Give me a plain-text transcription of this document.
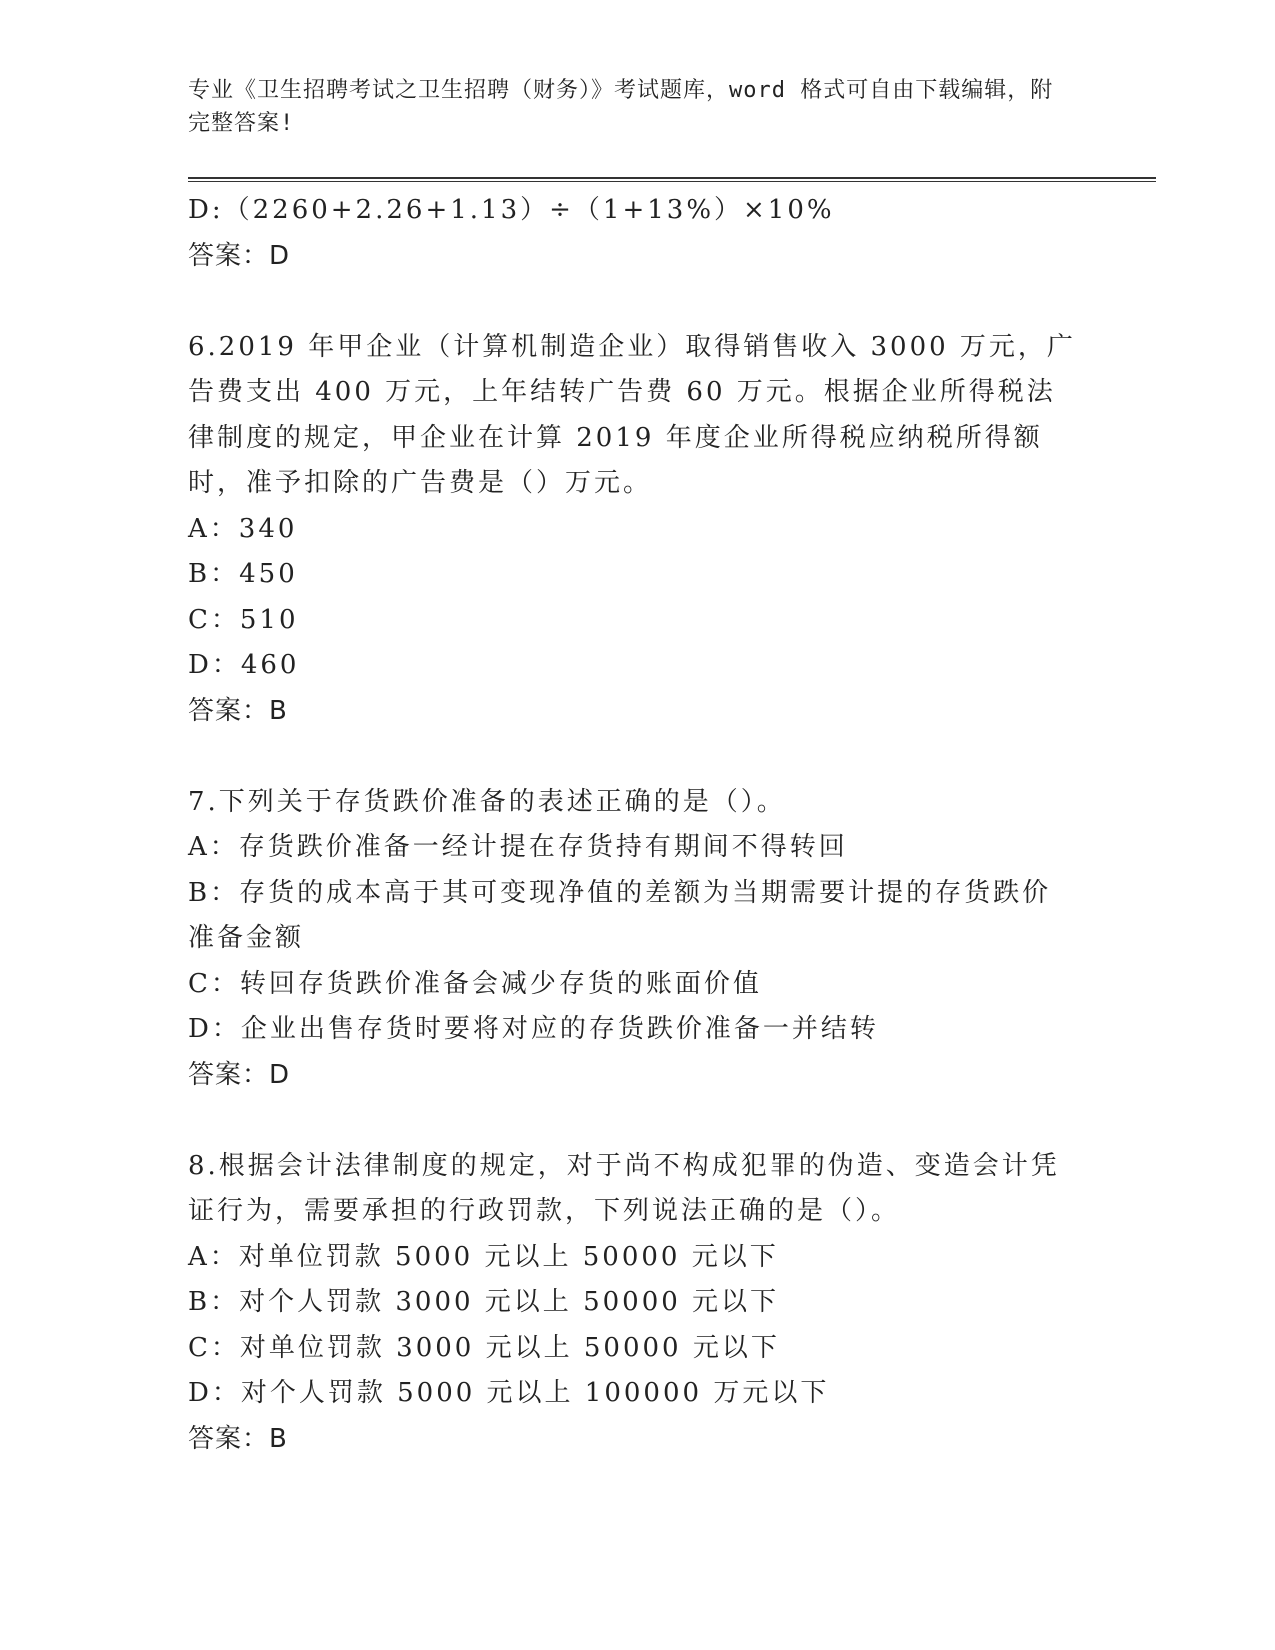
专业《卫生招聘考试之卫生招聘（财务）》考试题库，word 格式可自由下载编辑，附完整答案!

D:（2260+2.26+1.13）÷（1+13%）×10%

答案：D

6.2019 年甲企业（计算机制造企业）取得销售收入 3000 万元，广告费支出 400 万元，上年结转广告费 60 万元。根据企业所得税法律制度的规定，甲企业在计算 2019 年度企业所得税应纳税所得额时，准予扣除的广告费是（）万元。

A：340

B：450

C：510

D：460

答案：B

7.下列关于存货跌价准备的表述正确的是（）。

A：存货跌价准备一经计提在存货持有期间不得转回

B：存货的成本高于其可变现净值的差额为当期需要计提的存货跌价准备金额

C：转回存货跌价准备会减少存货的账面价值

D：企业出售存货时要将对应的存货跌价准备一并结转

答案：D

8.根据会计法律制度的规定，对于尚不构成犯罪的伪造、变造会计凭证行为，需要承担的行政罚款，下列说法正确的是（）。

A：对单位罚款 5000 元以上 50000 元以下

B：对个人罚款 3000 元以上 50000 元以下

C：对单位罚款 3000 元以上 50000 元以下

D：对个人罚款 5000 元以上 100000 万元以下

答案：B
